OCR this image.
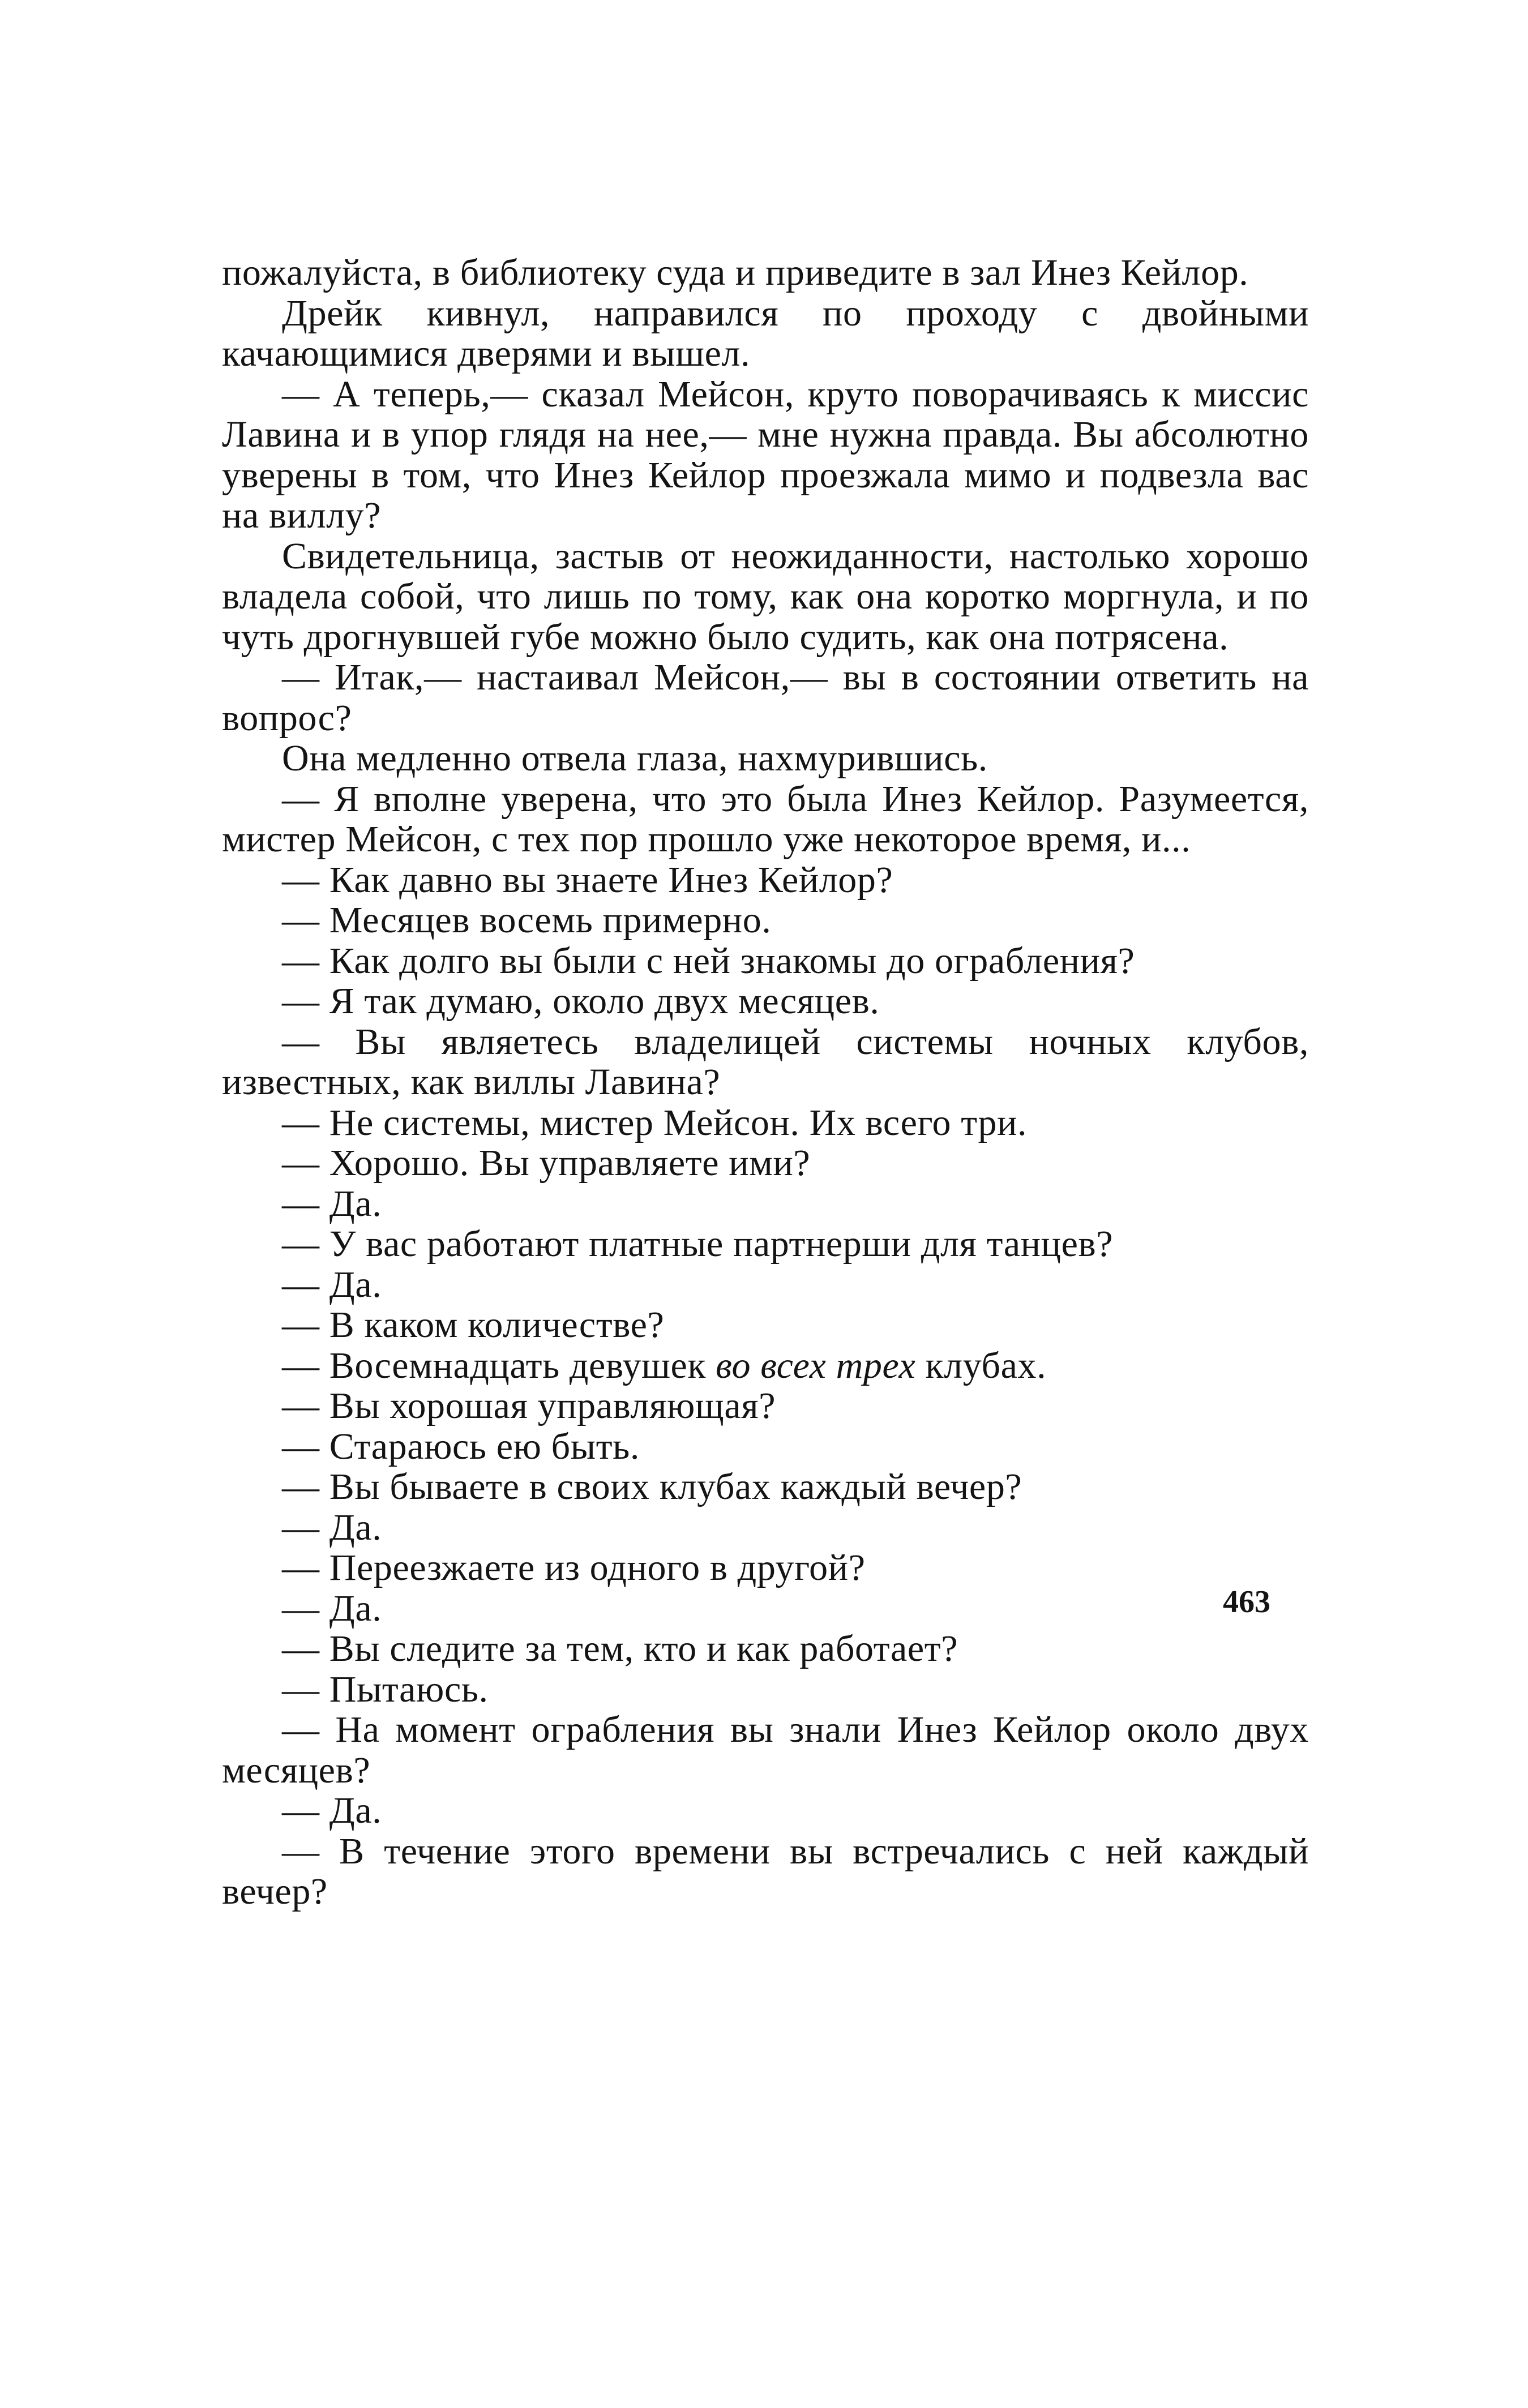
пожалуйста, в библиотеку суда и приведите в зал Инез Кейлор.

Дрейк кивнул, направился по проходу с двойными качающимися дверями и вышел.

— А теперь,— сказал Мейсон, круто поворачиваясь к миссис Лавина и в упор глядя на нее,— мне нужна правда. Вы абсолютно уверены в том, что Инез Кейлор проезжала мимо и подвезла вас на виллу?

Свидетельница, застыв от неожиданности, настолько хорошо владела собой, что лишь по тому, как она коротко моргнула, и по чуть дрогнувшей губе можно было судить, как она потрясена.

— Итак,— настаивал Мейсон,— вы в состоянии ответить на вопрос?

Она медленно отвела глаза, нахмурившись.

— Я вполне уверена, что это была Инез Кейлор. Разумеется, мистер Мейсон, с тех пор прошло уже некоторое время, и...

— Как давно вы знаете Инез Кейлор?

— Месяцев восемь примерно.

— Как долго вы были с ней знакомы до ограбления?

— Я так думаю, около двух месяцев.

— Вы являетесь владелицей системы ночных клубов, известных, как виллы Лавина?

— Не системы, мистер Мейсон. Их всего три.

— Хорошо. Вы управляете ими?

— Да.

— У вас работают платные партнерши для танцев?

— Да.

— В каком количестве?

— Восемнадцать девушек во всех трех клубах.

— Вы хорошая управляющая?

— Стараюсь ею быть.

— Вы бываете в своих клубах каждый вечер?

— Да.

— Переезжаете из одного в другой?

— Да.

— Вы следите за тем, кто и как работает?

— Пытаюсь.

— На момент ограбления вы знали Инез Кейлор около двух месяцев?

— Да.

— В течение этого времени вы встречались с ней каждый вечер?

463
